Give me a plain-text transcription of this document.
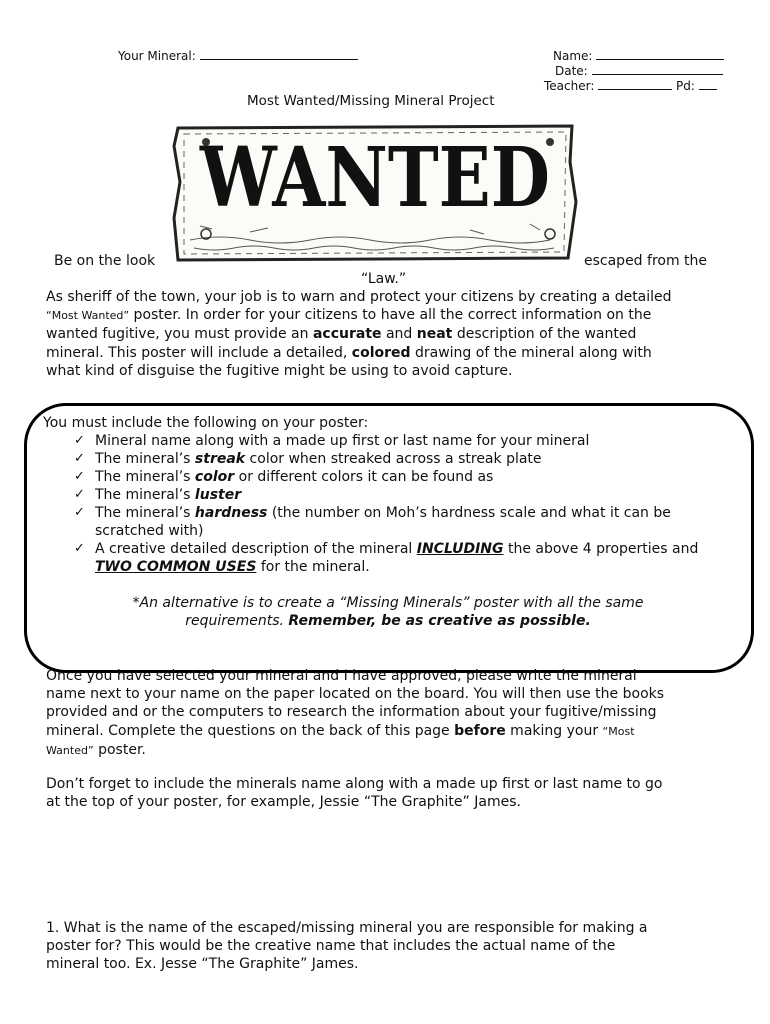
Your Mineral:	Name:
Date:
Teacher:	Pd:
Most Wanted/Missing Mineral Project
WANTED
Be on the look	escaped from the
“Law.”
As sheriff of the town, your job is to warn and protect your citizens by creating a detailed
“Most Wanted” poster. In order for your citizens to have all the correct information on the
wanted fugitive, you must provide an accurate and neat description of the wanted
mineral. This poster will include a detailed, colored drawing of the mineral along with
what kind of disguise the fugitive might be using to avoid capture.
You must include the following on your poster:
✓ Mineral name along with a made up first or last name for your mineral
✓ The mineral’s streak color when streaked across a streak plate
✓ The mineral’s color or different colors it can be found as
✓ The mineral’s luster
✓ The mineral’s hardness (the number on Moh’s hardness scale and what it can be scratched with)
✓ A creative detailed description of the mineral INCLUDING the above 4 properties and TWO COMMON USES for the mineral.
*An alternative is to create a “Missing Minerals” poster with all the same requirements. Remember, be as creative as possible.
Once you have selected your mineral and I have approved, please write the mineral
name next to your name on the paper located on the board. You will then use the books
provided and or the computers to research the information about your fugitive/missing
mineral. Complete the questions on the back of this page before making your “Most
Wanted” poster.
Don’t forget to include the minerals name along with a made up first or last name to go
at the top of your poster, for example, Jessie “The Graphite” James.
1. What is the name of the escaped/missing mineral you are responsible for making a
poster for? This would be the creative name that includes the actual name of the
mineral too. Ex. Jesse “The Graphite” James.
